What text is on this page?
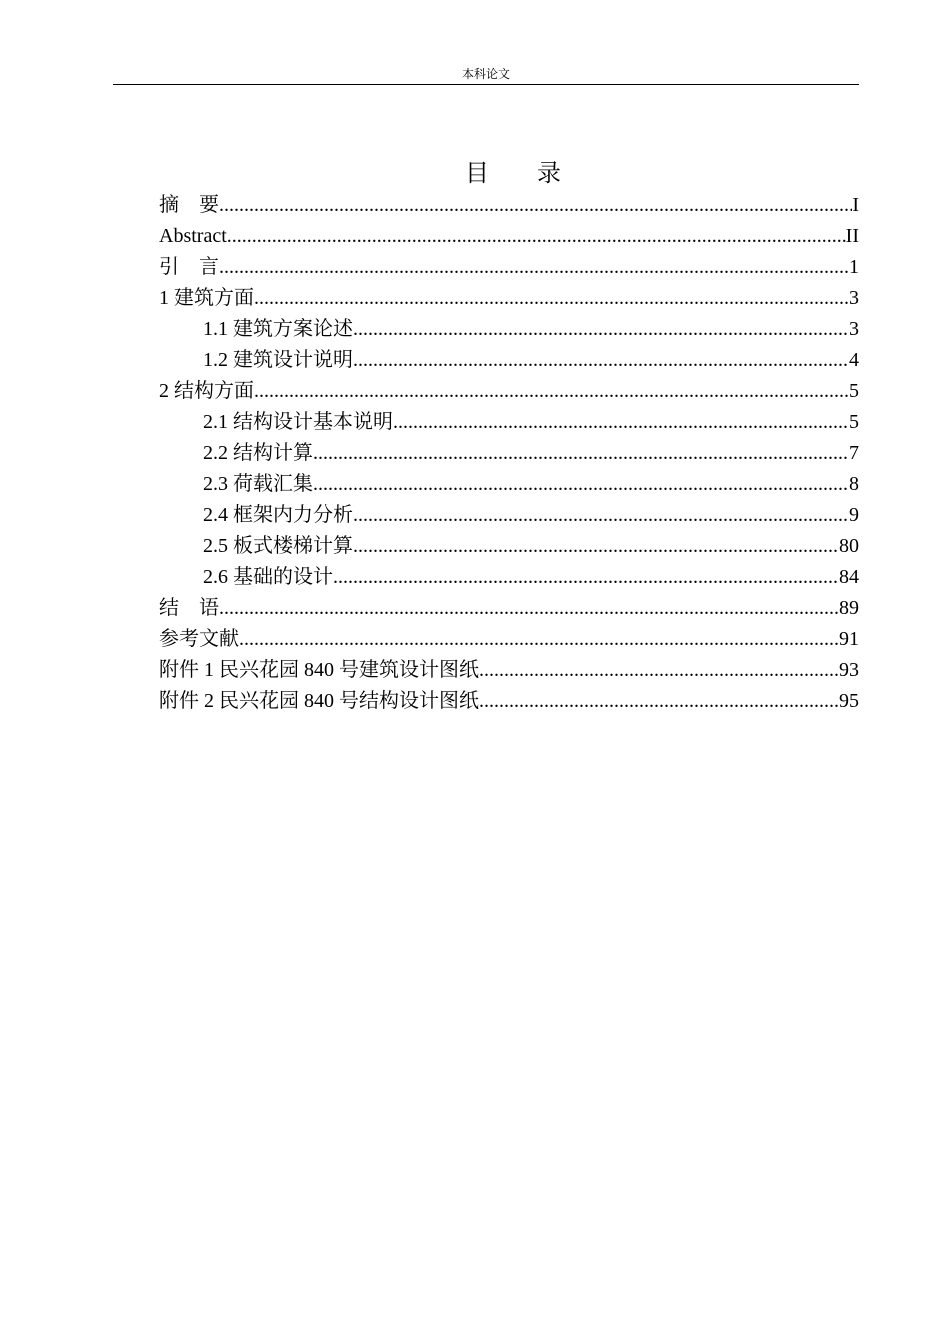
本科论文
目 录
摘　要 .....	I
Abstract .....	II
引　言 .....	1
1 建筑方面 .....	3
1.1 建筑方案论述 .....	3
1.2 建筑设计说明 .....	4
2 结构方面 .....	5
2.1 结构设计基本说明 .....	5
2.2 结构计算 .....	7
2.3 荷载汇集 .....	8
2.4 框架内力分析 .....	9
2.5 板式楼梯计算 .....	80
2.6 基础的设计 .....	84
结　语 .....	89
参考文献 .....	91
附件 1 民兴花园 840 号建筑设计图纸 .....	93
附件 2 民兴花园 840 号结构设计图纸 .....	95
